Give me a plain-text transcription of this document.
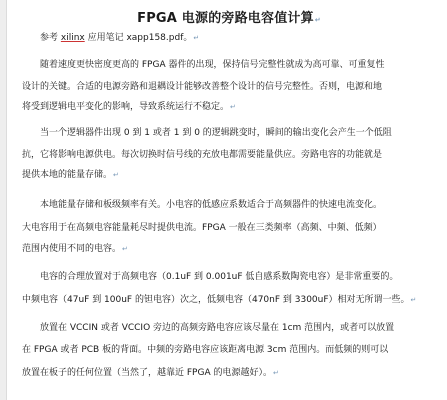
FPGA 电源的旁路电容值计算↵
参考 xilinx 应用笔记 xapp158.pdf。↵
随着速度更快密度更高的 FPGA 器件的出现，保持信号完整性就成为高可靠、可重复性
设计的关键。合适的电源旁路和退耦设计能够改善整个设计的信号完整性。否则，电源和地
将受到逻辑电平变化的影响，导致系统运行不稳定。↵
当一个逻辑器件出现 0 到 1 或者 1 到 0 的逻辑跳变时，瞬间的输出变化会产生一个低阻
抗，它将影响电源供电。每次切换时信号线的充放电都需要能量供应。旁路电容的功能就是
提供本地的能量存储。↵
本地能量存储和板级频率有关。小电容的低感应系数适合于高频器件的快速电流变化。
大电容用于在高频电容能量耗尽时提供电流。FPGA 一般在三类频率（高频、中频、低频）
范围内使用不同的电容。↵
电容的合理放置对于高频电容（0.1uF 到 0.001uF 低自感系数陶瓷电容）是非常重要的。
中频电容（47uF 到 100uF 的钽电容）次之，低频电容（470nF 到 3300uF）相对无所谓一些。↵
放置在 VCCIN 或者 VCCIO 旁边的高频旁路电容应该尽量在 1cm 范围内，或者可以放置
在 FPGA 或者 PCB 板的背面。中频的旁路电容应该距离电源 3cm 范围内。而低频的则可以
放置在板子的任何位置（当然了，越靠近 FPGA 的电源越好）。↵
